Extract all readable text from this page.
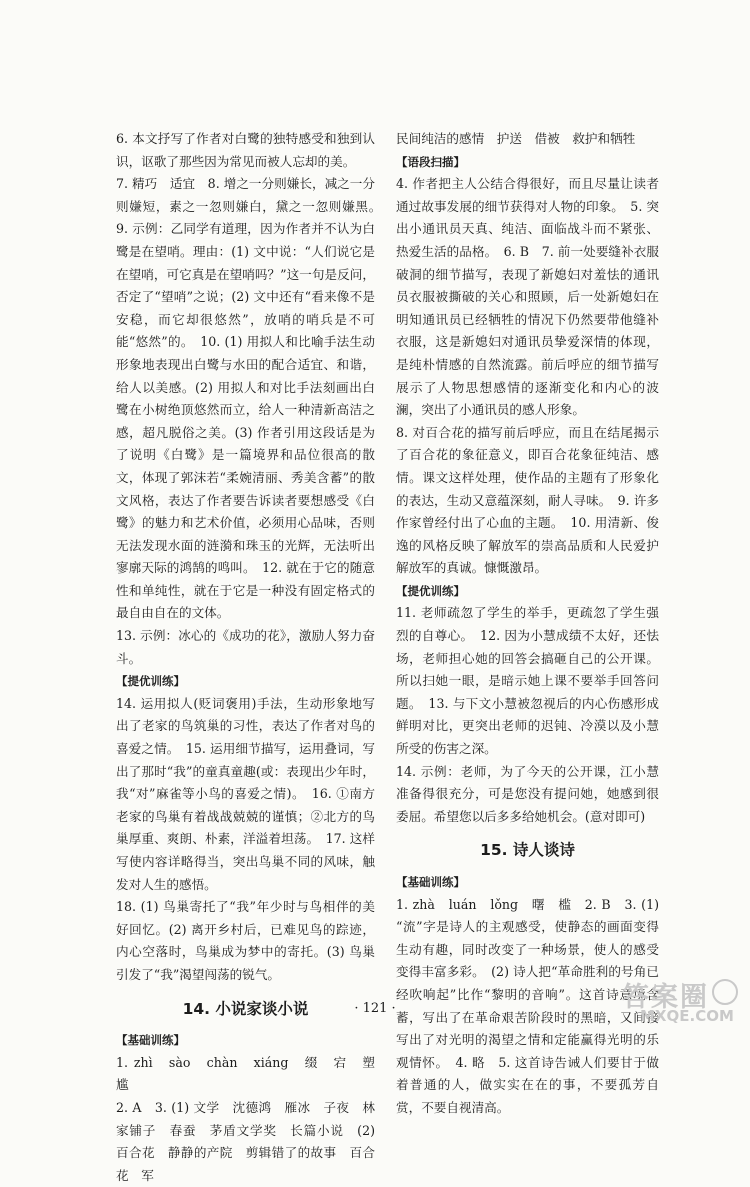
6. 本文抒写了作者对白鹭的独特感受和独到认识，讴歌了那些因为常见而被人忘却的美。

7. 精巧　适宜　8. 增之一分则嫌长，减之一分则嫌短，素之一忽则嫌白，黛之一忽则嫌黑。　9. 示例：乙同学有道理，因为作者并不认为白鹭是在望哨。理由：(1) 文中说：“人们说它是在望哨，可它真是在望哨吗？”这一句是反问，否定了“望哨”之说；(2) 文中还有“看来像不是安稳，而它却很悠然”，放哨的哨兵是不可能“悠然”的。　10. (1) 用拟人和比喻手法生动形象地表现出白鹭与水田的配合适宜、和谐，给人以美感。(2) 用拟人和对比手法刻画出白鹭在小树绝顶悠然而立，给人一种清新高洁之感，超凡脱俗之美。(3) 作者引用这段话是为了说明《白鹭》是一篇境界和品位很高的散文，体现了郭沫若“柔婉清丽、秀美含蓄”的散文风格，表达了作者要告诉读者要想感受《白鹭》的魅力和艺术价值，必须用心品味，否则无法发现水面的涟漪和珠玉的光辉，无法听出寥廓天际的鸿鹄的鸣叫。　12. 就在于它的随意性和单纯性，就在于它是一种没有固定格式的最自由自在的文体。

13. 示例：冰心的《成功的花》，激励人努力奋斗。

【提优训练】

14. 运用拟人(贬词褒用)手法，生动形象地写出了老家的鸟筑巢的习性，表达了作者对鸟的喜爱之情。　15. 运用细节描写，运用叠词，写出了那时“我”的童真童趣(或：表现出少年时，我“对”麻雀等小鸟的喜爱之情)。　16. ①南方老家的鸟巢有着战战兢兢的谨慎；②北方的鸟巢厚重、爽朗、朴素，洋溢着坦荡。　17. 这样写使内容详略得当，突出鸟巢不同的风味，触发对人生的感悟。

18. (1) 鸟巢寄托了“我”年少时与鸟相伴的美好回忆。(2) 离开乡村后，已难见鸟的踪迹，内心空落时，鸟巢成为梦中的寄托。(3) 鸟巢引发了“我”渴望闯荡的锐气。

14. 小说家谈小说

【基础训练】

1. zhì　sào　chàn　xiáng　缀　宕　塑　尴

2. A　3. (1) 文学　沈德鸿　雁冰　子夜　林家铺子　春蚕　茅盾文学奖　长篇小说　(2) 百合花　静静的产院　剪辑错了的故事　百合花　军

民间纯洁的感情　护送　借被　救护和牺牲

【语段扫描】

4. 作者把主人公结合得很好，而且尽量让读者通过故事发展的细节获得对人物的印象。　5. 突出小通讯员天真、纯洁、面临战斗而不紧张、热爱生活的品格。　6. B　7. 前一处要缝补衣服破洞的细节描写，表现了新媳妇对羞怯的通讯员衣服被撕破的关心和照顾，后一处新媳妇在明知通讯员已经牺牲的情况下仍然要带他缝补衣服，这是新媳妇对通讯员挚爱深情的体现，是纯朴情感的自然流露。前后呼应的细节描写展示了人物思想感情的逐渐变化和内心的波澜，突出了小通讯员的感人形象。

8. 对百合花的描写前后呼应，而且在结尾揭示了百合花的象征意义，即百合花象征纯洁、感情。课文这样处理，使作品的主题有了形象化的表达，生动又意蕴深刻，耐人寻味。　9. 许多作家曾经付出了心血的主题。　10. 用清新、俊逸的风格反映了解放军的崇高品质和人民爱护解放军的真诚。慷慨激昂。

【提优训练】

11. 老师疏忽了学生的举手，更疏忽了学生强烈的自尊心。　12. 因为小慧成绩不太好，还怯场，老师担心她的回答会搞砸自己的公开课。所以扫她一眼，是暗示她上课不要举手回答问题。　13. 与下文小慧被忽视后的内心伤感形成鲜明对比，更突出老师的迟钝、冷漠以及小慧所受的伤害之深。

14. 示例：老师，为了今天的公开课，江小慧准备得很充分，可是您没有提问她，她感到很委屈。希望您以后多多给她机会。(意对即可)

15. 诗人谈诗

【基础训练】

1. zhà　luán　lǒng　曙　槛　2. B　3. (1) “流”字是诗人的主观感受，使静态的画面变得生动有趣，同时改变了一种场景，使人的感受变得丰富多彩。　(2) 诗人把“革命胜利的号角已经吹响起”比作“黎明的音响”。这首诗意境含蓄，写出了在革命艰苦阶段时的黑暗，又间接写出了对光明的渴望之情和定能赢得光明的乐观情怀。　4. 略　5. 这首诗告诫人们要甘于做着普通的人，做实实在在的事，不要孤芳自赏，不要自视清高。

· 121 ·	答案圈
MXQE.COM
